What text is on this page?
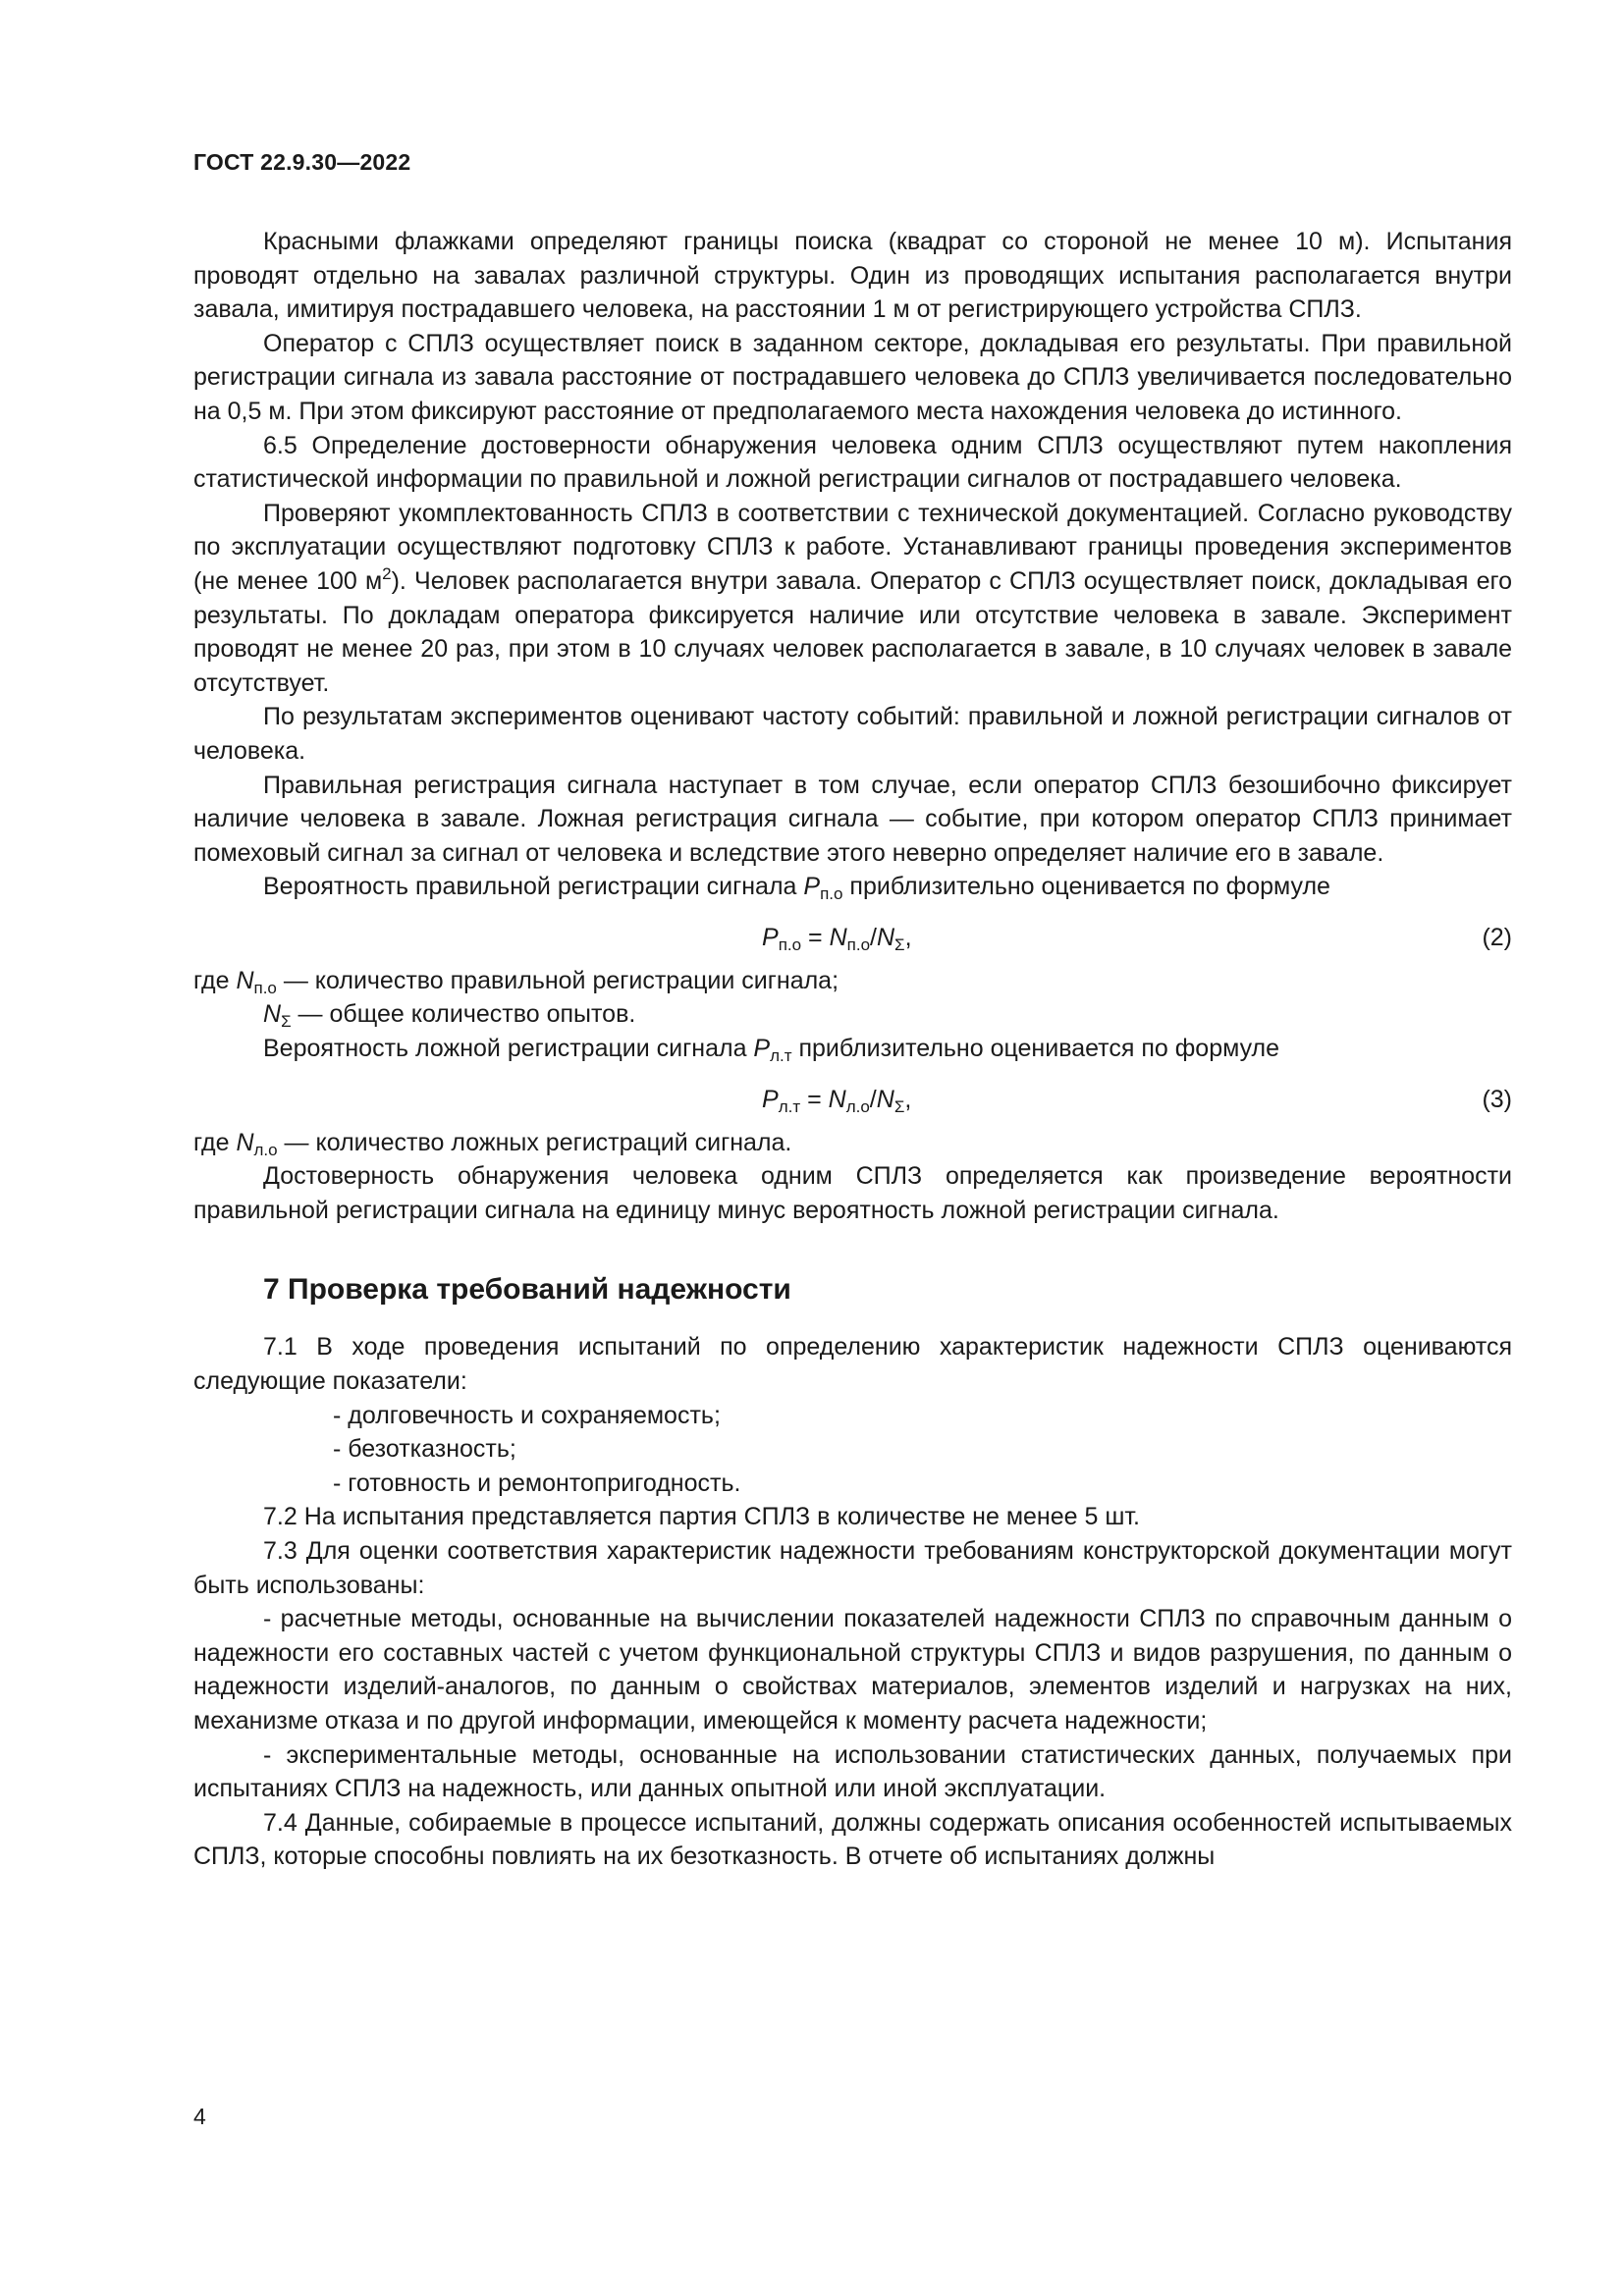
ГОСТ 22.9.30—2022

Красными флажками определяют границы поиска (квадрат со стороной не менее 10 м). Испытания проводят отдельно на завалах различной структуры. Один из проводящих испытания располагается внутри завала, имитируя пострадавшего человека, на расстоянии 1 м от регистрирующего устройства СПЛЗ.

Оператор с СПЛЗ осуществляет поиск в заданном секторе, докладывая его результаты. При правильной регистрации сигнала из завала расстояние от пострадавшего человека до СПЛЗ увеличивается последовательно на 0,5 м. При этом фиксируют расстояние от предполагаемого места нахождения человека до истинного.

6.5 Определение достоверности обнаружения человека одним СПЛЗ осуществляют путем накопления статистической информации по правильной и ложной регистрации сигналов от пострадавшего человека.

Проверяют укомплектованность СПЛЗ в соответствии с технической документацией. Согласно руководству по эксплуатации осуществляют подготовку СПЛЗ к работе. Устанавливают границы проведения экспериментов (не менее 100 $м^2$). Человек располагается внутри завала. Оператор с СПЛЗ осуществляет поиск, докладывая его результаты. По докладам оператора фиксируется наличие или отсутствие человека в завале. Эксперимент проводят не менее 20 раз, при этом в 10 случаях человек располагается в завале, в 10 случаях человек в завале отсутствует.

По результатам экспериментов оценивают частоту событий: правильной и ложной регистрации сигналов от человека.

Правильная регистрация сигнала наступает в том случае, если оператор СПЛЗ безошибочно фиксирует наличие человека в завале. Ложная регистрация сигнала — событие, при котором оператор СПЛЗ принимает помеховый сигнал за сигнал от человека и вследствие этого неверно определяет наличие его в завале.

Вероятность правильной регистрации сигнала $P_{п.о}$ приблизительно оценивается по формуле

$P_{п.о} = N_{п.о}/N_\Sigma$,	(2)

где $N_{п.о}$ — количество правильной регистрации сигнала;

$N_\Sigma$ — общее количество опытов.

Вероятность ложной регистрации сигнала $P_{л.т}$ приблизительно оценивается по формуле

$P_{л.т} = N_{л.о}/N_\Sigma$,	(3)

где $N_{л.о}$ — количество ложных регистраций сигнала.

Достоверность обнаружения человека одним СПЛЗ определяется как произведение вероятности правильной регистрации сигнала на единицу минус вероятность ложной регистрации сигнала.

7 Проверка требований надежности

7.1 В ходе проведения испытаний по определению характеристик надежности СПЛЗ оцениваются следующие показатели:

- долговечность и сохраняемость;

- безотказность;

- готовность и ремонтопригодность.

7.2 На испытания представляется партия СПЛЗ в количестве не менее 5 шт.

7.3 Для оценки соответствия характеристик надежности требованиям конструкторской документации могут быть использованы:

- расчетные методы, основанные на вычислении показателей надежности СПЛЗ по справочным данным о надежности его составных частей с учетом функциональной структуры СПЛЗ и видов разрушения, по данным о надежности изделий-аналогов, по данным о свойствах материалов, элементов изделий и нагрузках на них, механизме отказа и по другой информации, имеющейся к моменту расчета надежности;

- экспериментальные методы, основанные на использовании статистических данных, получаемых при испытаниях СПЛЗ на надежность, или данных опытной или иной эксплуатации.

7.4 Данные, собираемые в процессе испытаний, должны содержать описания особенностей испытываемых СПЛЗ, которые способны повлиять на их безотказность. В отчете об испытаниях должны

4
